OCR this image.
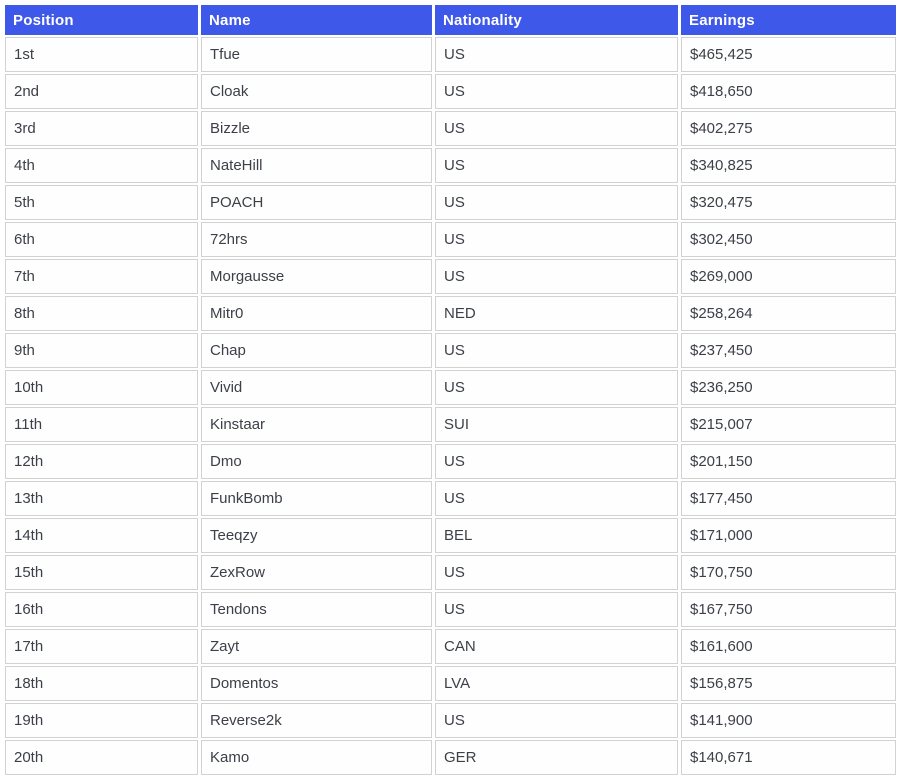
Position	Name	Nationality	Earnings
1st	Tfue	US	$465,425
2nd	Cloak	US	$418,650
3rd	Bizzle	US	$402,275
4th	NateHill	US	$340,825
5th	POACH	US	$320,475
6th	72hrs	US	$302,450
7th	Morgausse	US	$269,000
8th	Mitr0	NED	$258,264
9th	Chap	US	$237,450
10th	Vivid	US	$236,250
11th	Kinstaar	SUI	$215,007
12th	Dmo	US	$201,150
13th	FunkBomb	US	$177,450
14th	Teeqzy	BEL	$171,000
15th	ZexRow	US	$170,750
16th	Tendons	US	$167,750
17th	Zayt	CAN	$161,600
18th	Domentos	LVA	$156,875
19th	Reverse2k	US	$141,900
20th	Kamo	GER	$140,671
